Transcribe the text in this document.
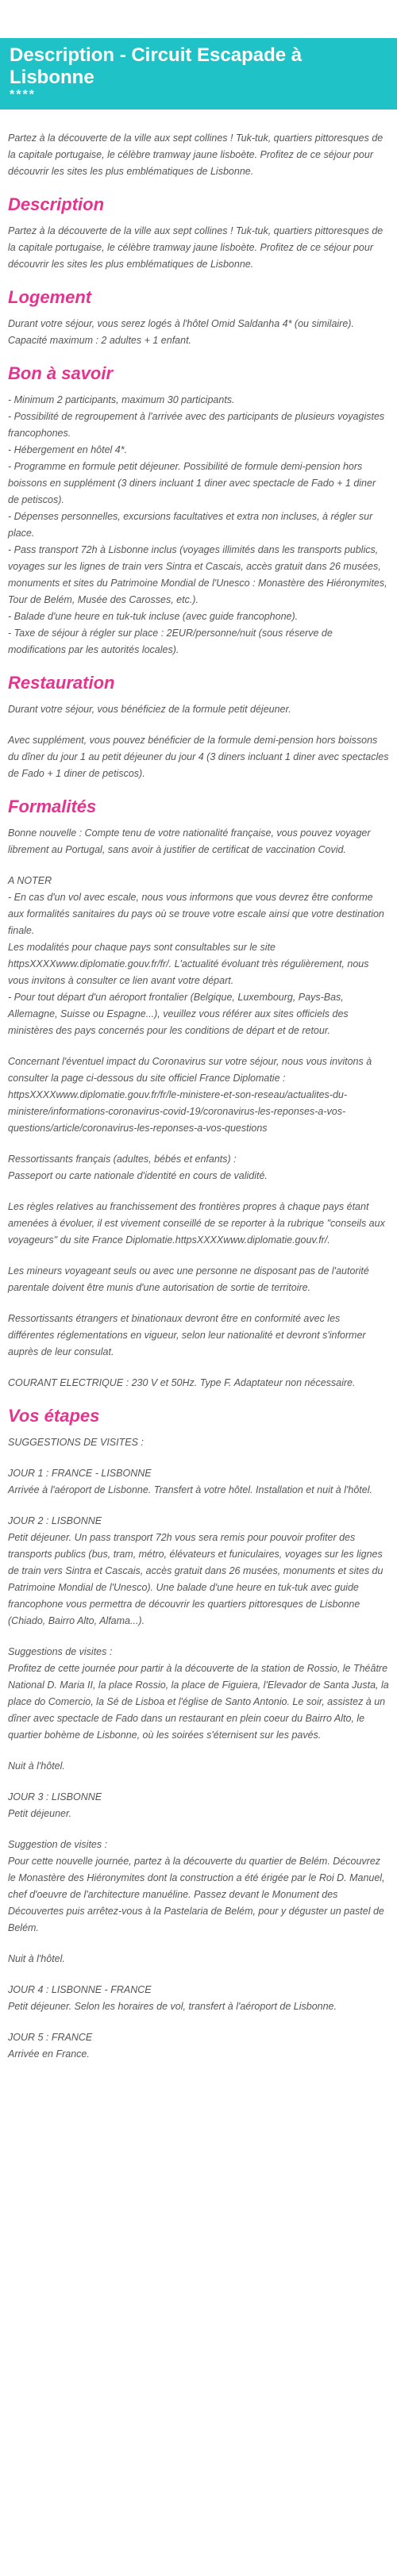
Description - Circuit Escapade à Lisbonne
****

Partez à la découverte de la ville aux sept collines ! Tuk-tuk, quartiers pittoresques de la capitale portugaise, le célèbre tramway jaune lisboète. Profitez de ce séjour pour découvrir les sites les plus emblématiques de Lisbonne.

Description

Partez à la découverte de la ville aux sept collines ! Tuk-tuk, quartiers pittoresques de la capitale portugaise, le célèbre tramway jaune lisboète. Profitez de ce séjour pour découvrir les sites les plus emblématiques de Lisbonne.

Logement

Durant votre séjour, vous serez logés à l'hôtel Omid Saldanha 4* (ou similaire). Capacité maximum : 2 adultes + 1 enfant.

Bon à savoir

- Minimum 2 participants, maximum 30 participants.

- Possibilité de regroupement à l'arrivée avec des participants de plusieurs voyagistes francophones.

- Hébergement en hôtel 4*.

- Programme en formule petit déjeuner. Possibilité de formule demi-pension hors boissons en supplément (3 diners incluant 1 diner avec spectacle de Fado + 1 diner de petiscos).

- Dépenses personnelles, excursions facultatives et extra non incluses, à régler sur place.

- Pass transport 72h à Lisbonne inclus (voyages illimités dans les transports publics, voyages sur les lignes de train vers Sintra et Cascais, accès gratuit dans 26 musées, monuments et sites du Patrimoine Mondial de l'Unesco : Monastère des Hiéronymites, Tour de Belém, Musée des Carosses, etc.).

- Balade d'une heure en tuk-tuk incluse (avec guide francophone).

- Taxe de séjour à régler sur place : 2EUR/personne/nuit (sous réserve de modifications par les autorités locales).

Restauration

Durant votre séjour, vous bénéficiez de la formule petit déjeuner.

Avec supplément, vous pouvez bénéficier de la formule demi-pension hors boissons du dîner du jour 1 au petit déjeuner du jour 4 (3 diners incluant 1 diner avec spectacles de Fado + 1 diner de petiscos).

Formalités

Bonne nouvelle : Compte tenu de votre nationalité française, vous pouvez voyager librement au Portugal, sans avoir à justifier de certificat de vaccination Covid.

A NOTER

- En cas d'un vol avec escale, nous vous informons que vous devrez être conforme aux formalités sanitaires du pays où se trouve votre escale ainsi que votre destination finale.

Les modalités pour chaque pays sont consultables sur le site httpsXXXXwww.diplomatie.gouv.fr/fr/. L'actualité évoluant très régulièrement, nous vous invitons à consulter ce lien avant votre départ.

- Pour tout départ d'un aéroport frontalier (Belgique, Luxembourg, Pays-Bas, Allemagne, Suisse ou Espagne...), veuillez vous référer aux sites officiels des ministères des pays concernés pour les conditions de départ et de retour.

Concernant l'éventuel impact du Coronavirus sur votre séjour, nous vous invitons à consulter la page ci-dessous du site officiel France Diplomatie : httpsXXXXwww.diplomatie.gouv.fr/fr/le-ministere-et-son-reseau/actualites-du-ministere/informations-coronavirus-covid-19/coronavirus-les-reponses-a-vos-questions/article/coronavirus-les-reponses-a-vos-questions

Ressortissants français (adultes, bébés et enfants) :

Passeport ou carte nationale d'identité en cours de validité.

Les règles relatives au franchissement des frontières propres à chaque pays étant amenées à évoluer, il est vivement conseillé de se reporter à la rubrique "conseils aux voyageurs" du site France Diplomatie.httpsXXXXwww.diplomatie.gouv.fr/.

Les mineurs voyageant seuls ou avec une personne ne disposant pas de l'autorité parentale doivent être munis d'une autorisation de sortie de territoire.

Ressortissants étrangers et binationaux devront être en conformité avec les différentes réglementations en vigueur, selon leur nationalité et devront s'informer auprès de leur consulat.

COURANT ELECTRIQUE : 230 V et 50Hz. Type F. Adaptateur non nécessaire.

Vos étapes

SUGGESTIONS DE VISITES :

JOUR 1 : FRANCE - LISBONNE

Arrivée à l'aéroport de Lisbonne. Transfert à votre hôtel. Installation et nuit à l'hôtel.

JOUR 2 : LISBONNE

Petit déjeuner. Un pass transport 72h vous sera remis pour pouvoir profiter des transports publics (bus, tram, métro, élévateurs et funiculaires, voyages sur les lignes de train vers Sintra et Cascais, accès gratuit dans 26 musées, monuments et sites du Patrimoine Mondial de l'Unesco). Une balade d'une heure en tuk-tuk avec guide francophone vous permettra de découvrir les quartiers pittoresques de Lisbonne (Chiado, Bairro Alto, Alfama...).

Suggestions de visites :

Profitez de cette journée pour partir à la découverte de la station de Rossio, le Théâtre National D. Maria II, la place Rossio, la place de Figuiera, l'Elevador de Santa Justa, la place do Comercio, la Sé de Lisboa et l'église de Santo Antonio. Le soir, assistez à un dîner avec spectacle de Fado dans un restaurant en plein coeur du Bairro Alto, le quartier bohème de Lisbonne, où les soirées s'éternisent sur les pavés.

Nuit à l'hôtel.

JOUR 3 : LISBONNE

Petit déjeuner.

Suggestion de visites :

Pour cette nouvelle journée, partez à la découverte du quartier de Belém. Découvrez le Monastère des Hiéronymites dont la construction a été érigée par le Roi D. Manuel, chef d'oeuvre de l'architecture manuéline. Passez devant le Monument des Découvertes puis arrêtez-vous à la Pastelaria de Belém, pour y déguster un pastel de Belém.

Nuit à l'hôtel.

JOUR 4 : LISBONNE - FRANCE

Petit déjeuner. Selon les horaires de vol, transfert à l'aéroport de Lisbonne.

JOUR 5 : FRANCE

Arrivée en France.
